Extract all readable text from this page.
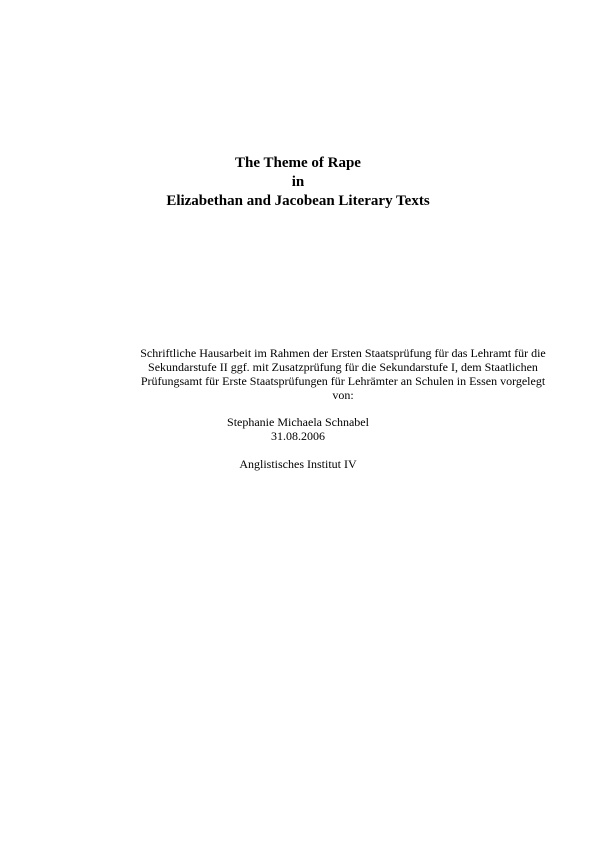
The Theme of Rape
in
Elizabethan and Jacobean Literary Texts
Schriftliche Hausarbeit im Rahmen der Ersten Staatsprüfung für das Lehramt für die Sekundarstufe II ggf. mit Zusatzprüfung für die Sekundarstufe I, dem Staatlichen Prüfungsamt für Erste Staatsprüfungen für Lehrämter an Schulen in Essen vorgelegt von:
Stephanie Michaela Schnabel
31.08.2006
Anglistisches Institut IV
